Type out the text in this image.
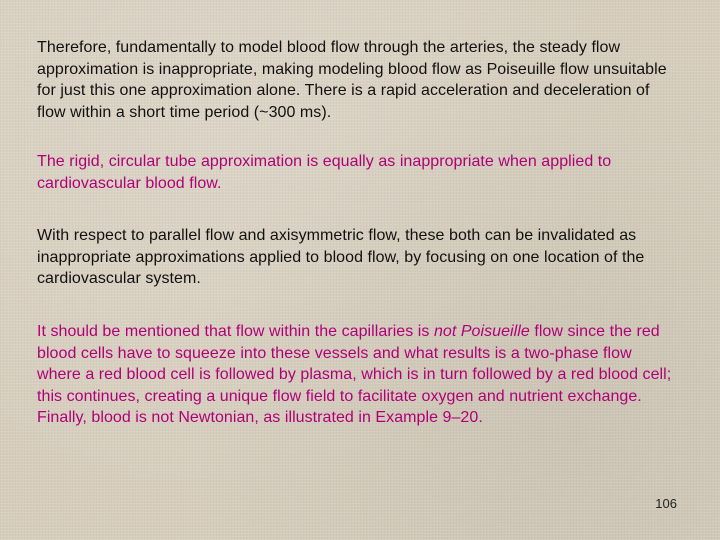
Therefore, fundamentally to model blood flow through the arteries, the steady flow approximation is inappropriate, making modeling blood flow as Poiseuille flow unsuitable for just this one approximation alone. There is a rapid acceleration and deceleration of flow within a short time period (~300 ms).

The rigid, circular tube approximation is equally as inappropriate when applied to cardiovascular blood flow.

With respect to parallel flow and axisymmetric flow, these both can be invalidated as inappropriate approximations applied to blood flow, by focusing on one location of the cardiovascular system.

It should be mentioned that flow within the capillaries is not Poisueille flow since the red blood cells have to squeeze into these vessels and what results is a two-phase flow where a red blood cell is followed by plasma, which is in turn followed by a red blood cell; this continues, creating a unique flow field to facilitate oxygen and nutrient exchange. Finally, blood is not Newtonian, as illustrated in Example 9–20.

106
